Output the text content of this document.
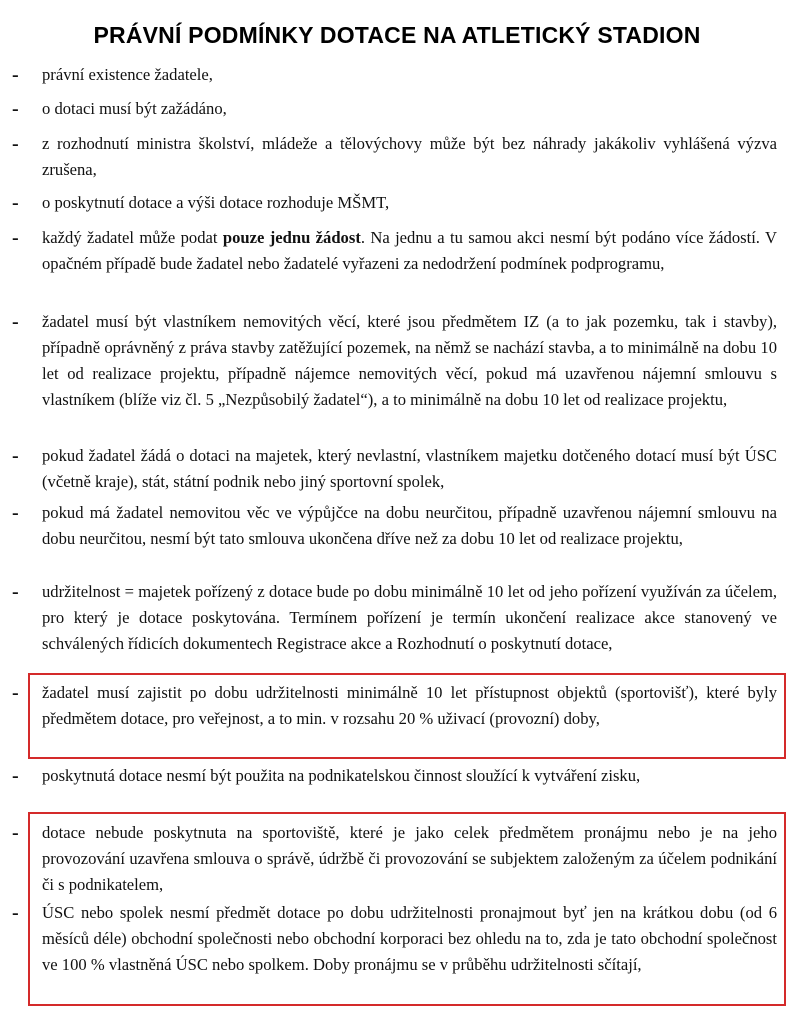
PRÁVNÍ PODMÍNKY DOTACE NA ATLETICKÝ STADION
- právní existence žadatele,
- o dotaci musí být zažádáno,
- z rozhodnutí ministra školství, mládeže a tělovýchovy může být bez náhrady jakákoliv vyhlášená výzva zrušena,
- o poskytnutí dotace a výši dotace rozhoduje MŠMT,
- každý žadatel může podat pouze jednu žádost. Na jednu a tu samou akci nesmí být podáno více žádostí. V opačném případě bude žadatel nebo žadatelé vyřazeni za nedodržení podmínek podprogramu,
- žadatel musí být vlastníkem nemovitých věcí, které jsou předmětem IZ (a to jak pozemku, tak i stavby), případně oprávněný z práva stavby zatěžující pozemek, na němž se nachází stavba, a to minimálně na dobu 10 let od realizace projektu, případně nájemce nemovitých věcí, pokud má uzavřenou nájemní smlouvu s vlastníkem (blíže viz čl. 5 „Nezpůsobilý žadatel“), a to minimálně na dobu 10 let od realizace projektu,
- pokud žadatel žádá o dotaci na majetek, který nevlastní, vlastníkem majetku dotčeného dotací musí být ÚSC (včetně kraje), stát, státní podnik nebo jiný sportovní spolek,
- pokud má žadatel nemovitou věc ve výpůjčce na dobu neurčitou, případně uzavřenou nájemní smlouvu na dobu neurčitou, nesmí být tato smlouva ukončena dříve než za dobu 10 let od realizace projektu,
- udržitelnost = majetek pořízený z dotace bude po dobu minimálně 10 let od jeho pořízení využíván za účelem, pro který je dotace poskytována. Termínem pořízení je termín ukončení realizace akce stanovený ve schválených řídicích dokumentech Registrace akce a Rozhodnutí o poskytnutí dotace,
- žadatel musí zajistit po dobu udržitelnosti minimálně 10 let přístupnost objektů (sportovišť), které byly předmětem dotace, pro veřejnost, a to min. v rozsahu 20 % uživací (provozní) doby,
- poskytnutá dotace nesmí být použita na podnikatelskou činnost sloužící k vytváření zisku,
- dotace nebude poskytnuta na sportoviště, které je jako celek předmětem pronájmu nebo je na jeho provozování uzavřena smlouva o správě, údržbě či provozování se subjektem založeným za účelem podnikání či s podnikatelem,
- ÚSC nebo spolek nesmí předmět dotace po dobu udržitelnosti pronajmout byť jen na krátkou dobu (od 6 měsíců déle) obchodní společnosti nebo obchodní korporaci bez ohledu na to, zda je tato obchodní společnost ve 100 % vlastněná ÚSC nebo spolkem. Doby pronájmu se v průběhu udržitelnosti sčítají,
